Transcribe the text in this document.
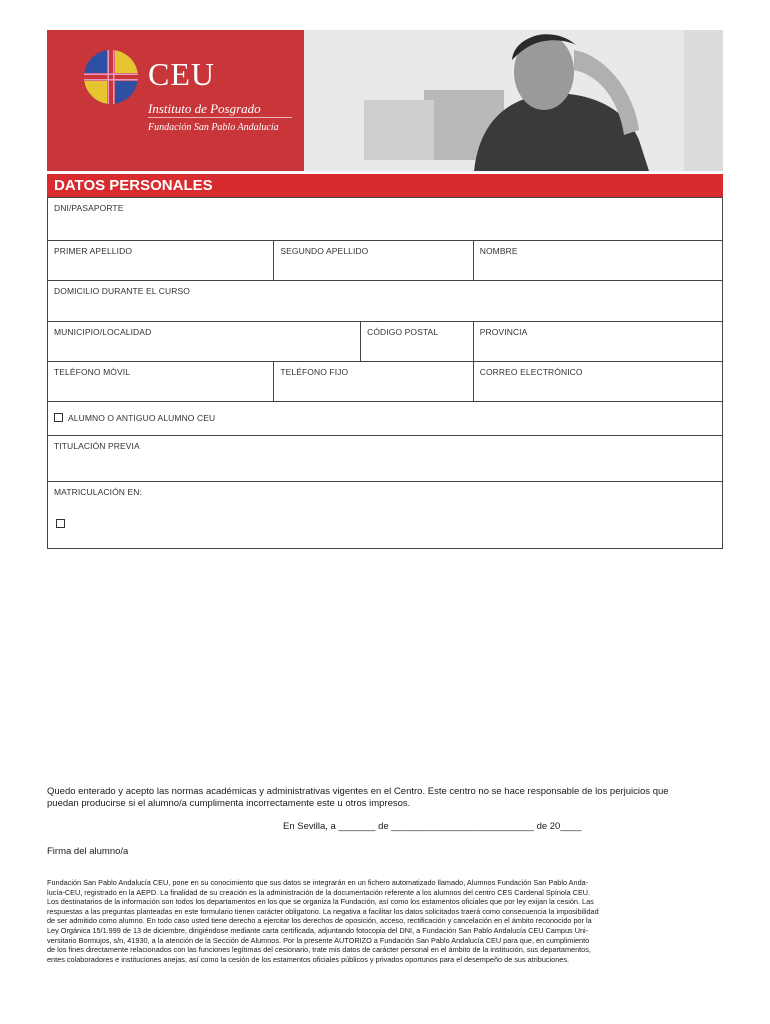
CEU
Instituto de Posgrado
Fundación San Pablo Andalucía
DATOS PERSONALES
DNI/PASAPORTE
PRIMER APELLIDO	SEGUNDO APELLIDO	NOMBRE
DOMICILIO DURANTE EL CURSO
MUNICIPIO/LOCALIDAD	CÓDIGO POSTAL	PROVINCIA
TELÉFONO MÓVIL	TELÉFONO FIJO	CORREO ELECTRÓNICO
ALUMNO O ANTIGUO ALUMNO CEU
TITULACIÓN PREVIA
MATRICULACIÓN EN:
Quedo enterado y acepto las normas académicas y administrativas vigentes en el Centro. Este centro no se hace responsable de los perjuicios que
puedan producirse si el alumno/a cumplimenta incorrectamente este u otros impresos.
En Sevilla, a _______ de ___________________________ de 20____
Firma del alumno/a
Fundación San Pablo Andalucía CEU, pone en su conocimiento que sus datos se integrarán en un fichero automatizado llamado, Alumnos Fundación San Pablo Anda-
lucía-CEU, registrado en la AEPD. La finalidad de su creación es la administración de la documentación referente a los alumnos del centro CES Cardenal Spínola CEU.
Los destinatarios de la información son todos los departamentos en los que se organiza la Fundación, así como los estamentos oficiales que por ley exijan la cesión. Las
respuestas a las preguntas planteadas en este formulario tienen carácter obligatorio. La negativa a facilitar los datos solicitados traerá como consecuencia la imposibilidad
de ser admitido como alumno. En todo caso usted tiene derecho a ejercitar los derechos de oposición, acceso, rectificación y cancelación en el ámbito reconocido por la
Ley Orgánica 15/1.999 de 13 de diciembre, dirigiéndose mediante carta certificada, adjuntando fotocopia del DNI, a Fundación San Pablo Andalucía CEU Campus Uni-
versitario Bormujos, s/n, 41930, a la atención de la Sección de Alumnos. Por la presente AUTORIZO a Fundación San Pablo Andalucía CEU para que, en cumplimiento
de los fines directamente relacionados con las funciones legítimas del cesionario, trate mis datos de carácter personal en el ámbito de la institución, sus departamentos,
entes colaboradores e instituciones anejas, así como la cesión de los estamentos oficiales públicos y privados oportunos para el desempeño de sus atribuciones.
